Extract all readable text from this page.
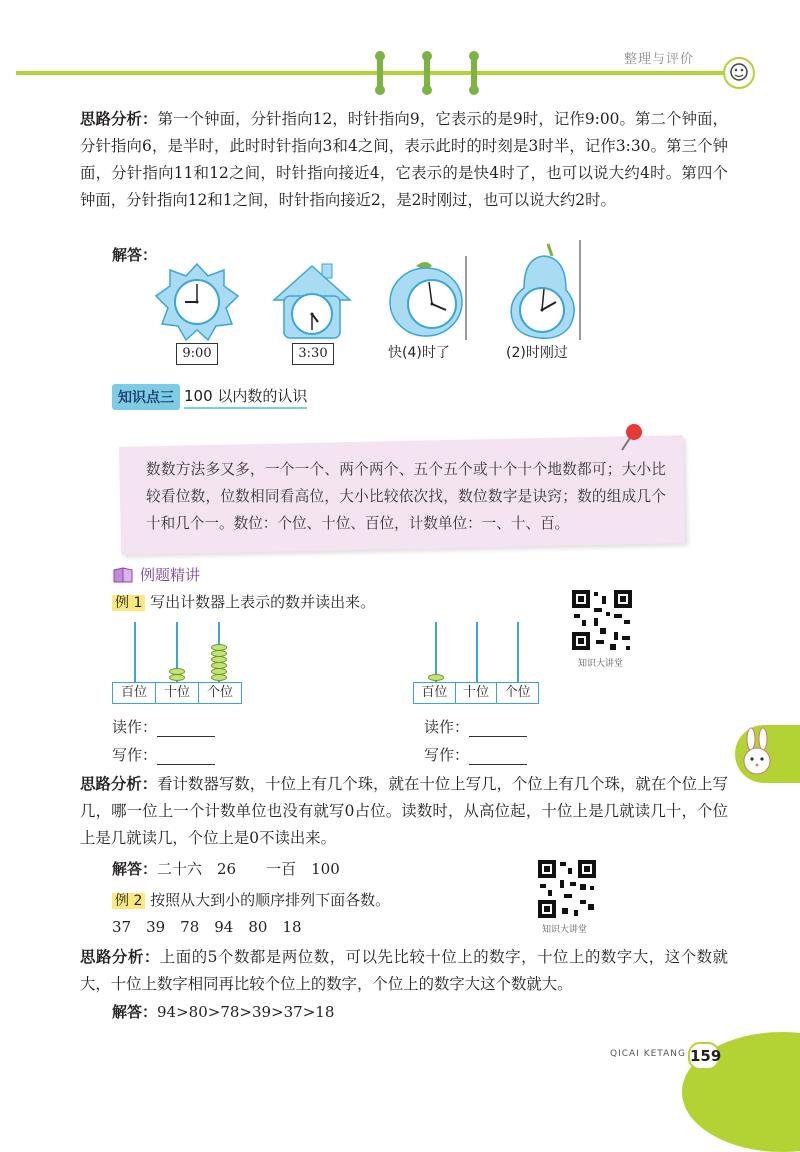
整理与评价
思路分析：第一个钟面，分针指向12，时针指向9，它表示的是9时，记作9:00。第二个钟面，分针指向6，是半时，此时时针指向3和4之间，表示此时的时刻是3时半，记作3:30。第三个钟面，分针指向11和12之间，时针指向接近4，它表示的是快4时了，也可以说大约4时。第四个钟面，分针指向12和1之间，时针指向接近2，是2时刚过，也可以说大约2时。
解答：
9:00	3:30	快(4)时了	(2)时刚过
知识点三 100 以内数的认识
数数方法多又多，一个一个、两个两个、五个五个或十个十个地数都可；大小比较看位数，位数相同看高位，大小比较依次找，数位数字是诀窍；数的组成几个十和几个一。数位：个位、十位、百位，计数单位：一、十、百。
例题精讲
例 1 写出计数器上表示的数并读出来。
知识大讲堂
百位	十位	个位	百位	十位	个位
读作：
写作：
读作：
写作：
思路分析：看计数器写数，十位上有几个珠，就在十位上写几，个位上有几个珠，就在个位上写几，哪一位上一个计数单位也没有就写0占位。读数时，从高位起，十位上是几就读几十，个位上是几就读几，个位上是0不读出来。
解答：二十六　26　　一百　100
知识大讲堂
例 2 按照从大到小的顺序排列下面各数。
37　39　78　94　80　18
思路分析：上面的5个数都是两位数，可以先比较十位上的数字，十位上的数字大，这个数就大，十位上数字相同再比较个位上的数字，个位上的数字大这个数就大。
解答：94>80>78>39>37>18
QICAI KETANG 159
